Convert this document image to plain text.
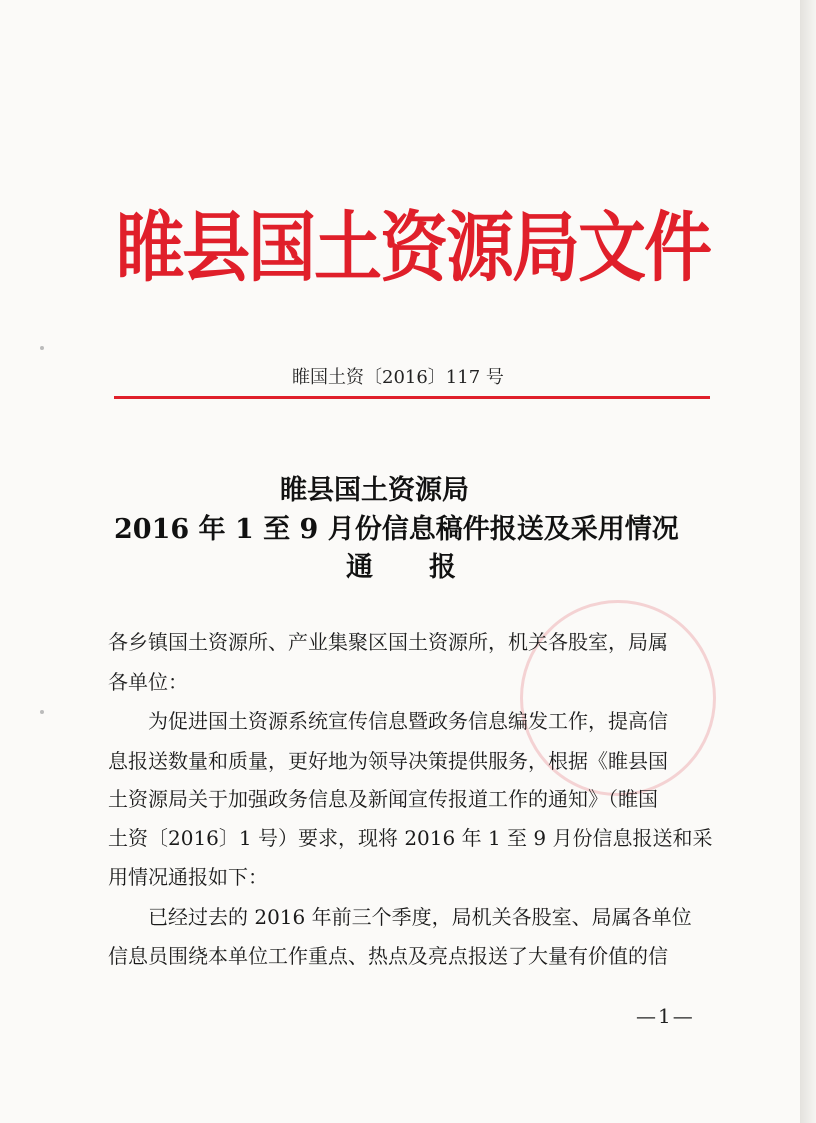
睢县国土资源局文件
睢国土资〔2016〕117 号
睢县国土资源局
2016 年 1 至 9 月份信息稿件报送及采用情况
通报
各乡镇国土资源所、产业集聚区国土资源所，机关各股室，局属
各单位：
为促进国土资源系统宣传信息暨政务信息编发工作，提高信
息报送数量和质量，更好地为领导决策提供服务，根据《睢县国
土资源局关于加强政务信息及新闻宣传报道工作的通知》（睢国
土资〔2016〕1 号）要求，现将 2016 年 1 至 9 月份信息报送和采
用情况通报如下：
已经过去的 2016 年前三个季度，局机关各股室、局属各单位
信息员围绕本单位工作重点、热点及亮点报送了大量有价值的信
—1—
